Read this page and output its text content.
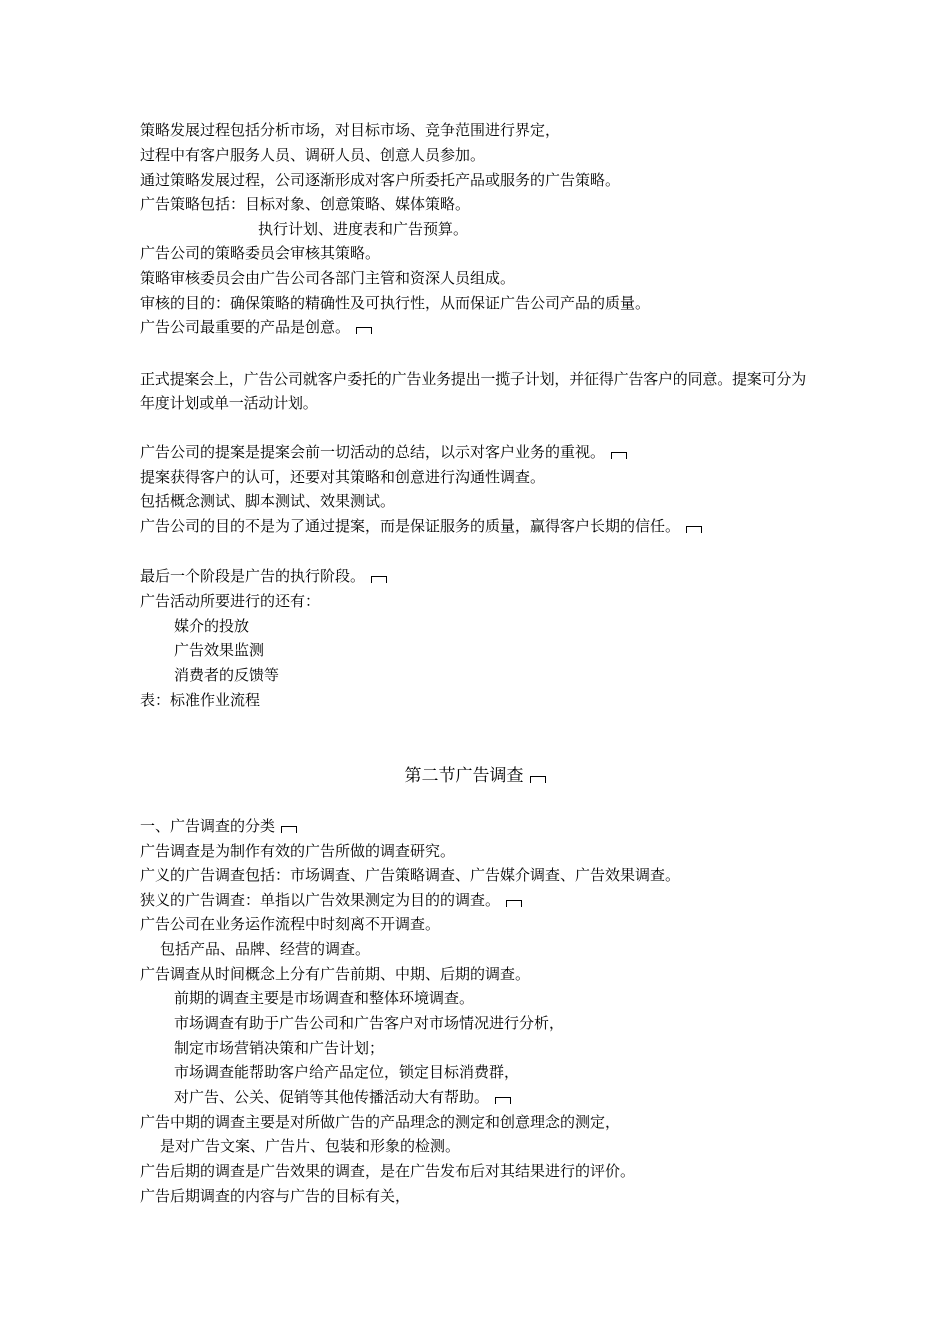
策略发展过程包括分析市场，对目标市场、竞争范围进行界定，

过程中有客户服务人员、调研人员、创意人员参加。

通过策略发展过程，公司逐渐形成对客户所委托产品或服务的广告策略。

广告策略包括：目标对象、创意策略、媒体策略。

执行计划、进度表和广告预算。

广告公司的策略委员会审核其策略。

策略审核委员会由广告公司各部门主管和资深人员组成。

审核的目的：确保策略的精确性及可执行性，从而保证广告公司产品的质量。

广告公司最重要的产品是创意。

正式提案会上，广告公司就客户委托的广告业务提出一揽子计划，并征得广告客户的同意。提案可分为年度计划或单一活动计划。

广告公司的提案是提案会前一切活动的总结，以示对客户业务的重视。

提案获得客户的认可，还要对其策略和创意进行沟通性调查。

包括概念测试、脚本测试、效果测试。

广告公司的目的不是为了通过提案，而是保证服务的质量，赢得客户长期的信任。

最后一个阶段是广告的执行阶段。

广告活动所要进行的还有：

媒介的投放

广告效果监测

消费者的反馈等

表：标准作业流程

第二节广告调查

一、广告调查的分类

广告调查是为制作有效的广告所做的调查研究。

广义的广告调查包括：市场调查、广告策略调查、广告媒介调查、广告效果调查。

狭义的广告调查：单指以广告效果测定为目的的调查。

广告公司在业务运作流程中时刻离不开调查。

包括产品、品牌、经营的调查。

广告调查从时间概念上分有广告前期、中期、后期的调查。

前期的调查主要是市场调查和整体环境调查。

市场调查有助于广告公司和广告客户对市场情况进行分析，

制定市场营销决策和广告计划；

市场调查能帮助客户给产品定位，锁定目标消费群，

对广告、公关、促销等其他传播活动大有帮助。

广告中期的调查主要是对所做广告的产品理念的测定和创意理念的测定，

是对广告文案、广告片、包装和形象的检测。

广告后期的调查是广告效果的调查，是在广告发布后对其结果进行的评价。

广告后期调查的内容与广告的目标有关，
